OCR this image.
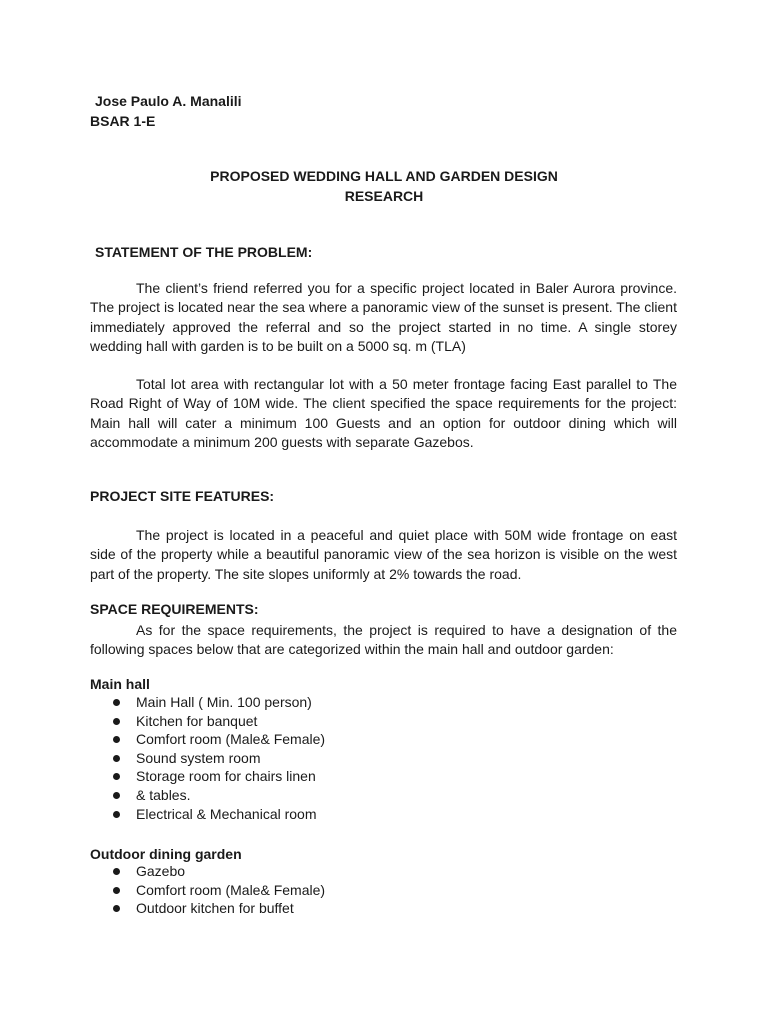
Jose Paulo A. Manalili

BSAR 1-E

PROPOSED WEDDING HALL AND GARDEN DESIGN

RESEARCH

STATEMENT OF THE PROBLEM:

The client’s friend referred you for a specific project located in Baler Aurora province. The project is located near the sea where a panoramic view of the sunset is present. The client immediately approved the referral and so the project started in no time. A single storey wedding hall with garden is to be built on a 5000 sq. m (TLA)

Total lot area with rectangular lot with a 50 meter frontage facing East parallel to The Road Right of Way of 10M wide. The client specified the space requirements for the project: Main hall will cater a minimum 100 Guests and an option for outdoor dining which will accommodate a minimum 200 guests with separate Gazebos.

PROJECT SITE FEATURES:

The project is located in a peaceful and quiet place with 50M wide frontage on east side of the property while a beautiful panoramic view of the sea horizon is visible on the west part of the property. The site slopes uniformly at 2% towards the road.

SPACE REQUIREMENTS:

As for the space requirements, the project is required to have a designation of the following spaces below that are categorized within the main hall and outdoor garden:

Main hall

Main Hall ( Min. 100 person)
Kitchen for banquet
Comfort room (Male& Female)
Sound system room
Storage room for chairs linen
& tables.
Electrical & Mechanical room

Outdoor dining garden

Gazebo
Comfort room (Male& Female)
Outdoor kitchen for buffet
